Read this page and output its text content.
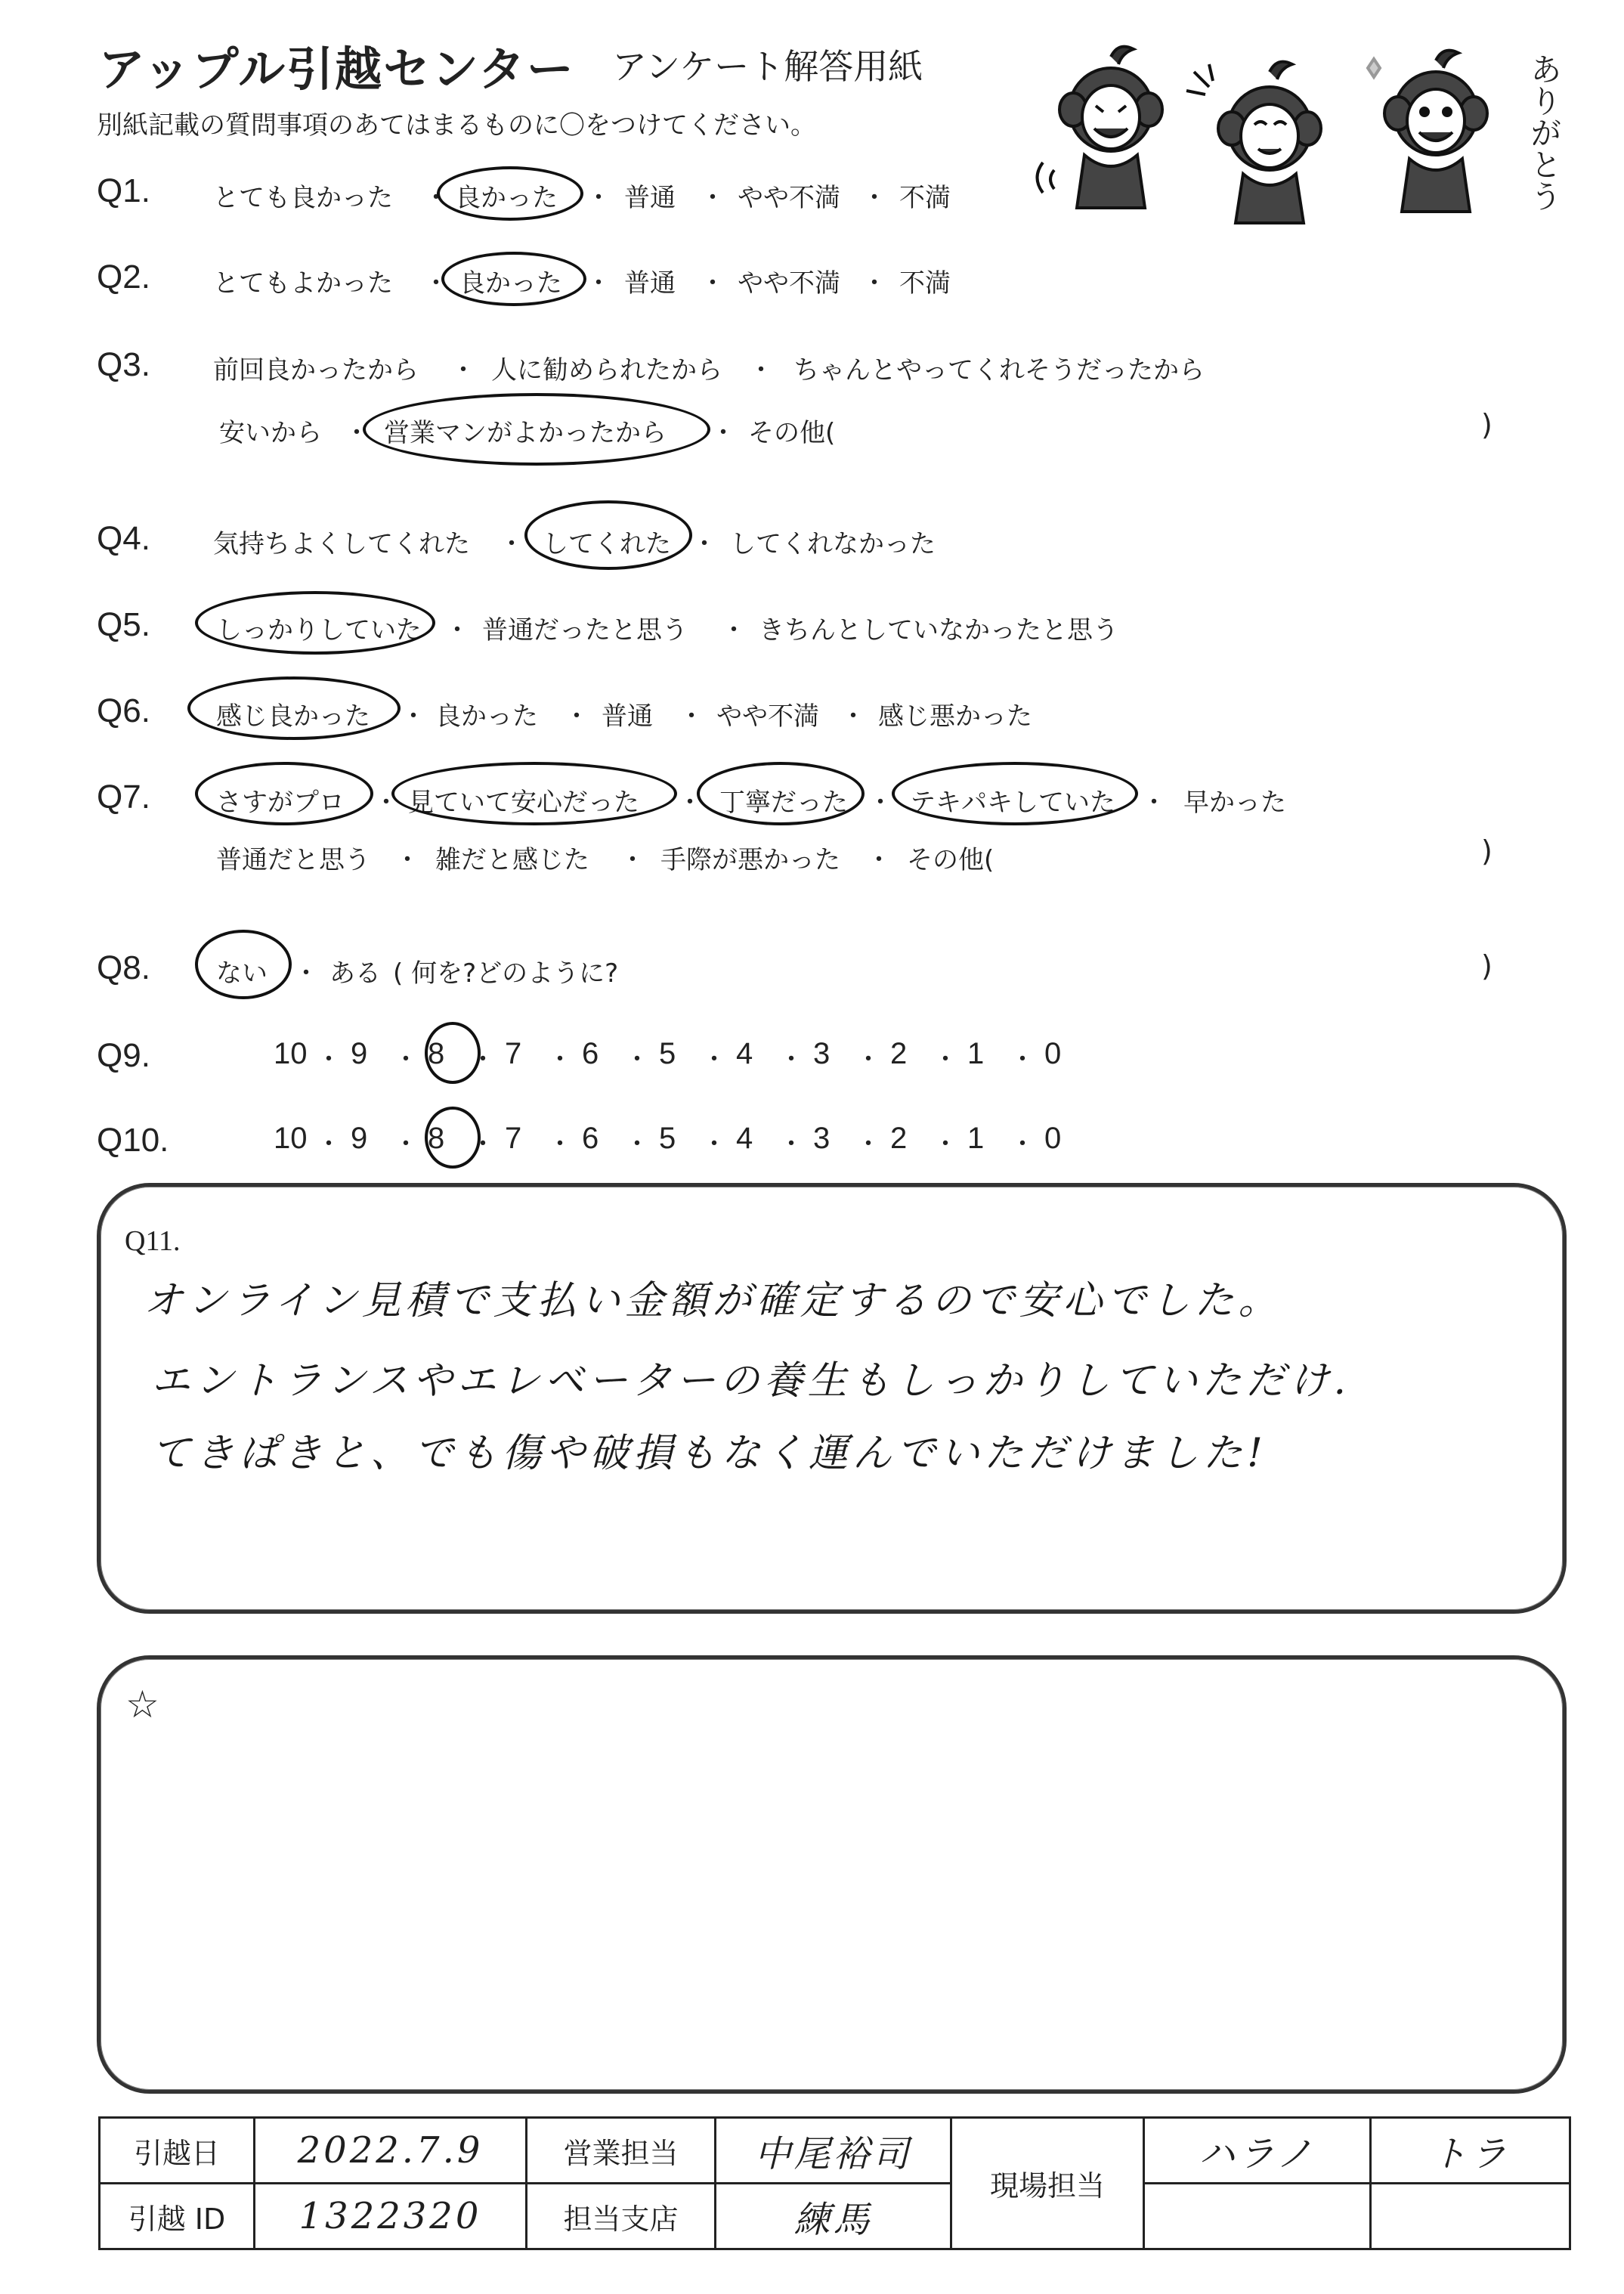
アップル引越センター アンケート解答用紙
別紙記載の質問事項のあてはまるものに〇をつけてください。	ありがとう
Q1. とても良かった ・ 良かった ・ 普通 ・ やや不満 ・ 不満
Q2. とてもよかった ・ 良かった ・ 普通 ・ やや不満 ・ 不満
Q3. 前回良かったから ・ 人に勧められたから ・ ちゃんとやってくれそうだったから
安いから ・ 営業マンがよかったから ・ その他(	)
Q4. 気持ちよくしてくれた ・ してくれた ・ してくれなかった
Q5.	しっかりしていた ・ 普通だったと思う ・ きちんとしていなかったと思う
Q6.	感じ良かった ・ 良かった ・ 普通 ・ やや不満 ・ 感じ悪かった
Q7.	さすがプロ ・ 見ていて安心だった ・ 丁寧だった ・ テキパキしていた ・ 早かった
普通だと思う ・ 雑だと感じた ・ 手際が悪かった ・ その他(	)
Q8.	ない ・ ある ( 何を?どのように?	)
Q9.	10 ・ 9 ・ 8 ・ 7 ・ 6 ・ 5 ・ 4 ・ 3 ・ 2 ・ 1 ・ 0
Q10.	10 ・ 9 ・ 8 ・ 7 ・ 6 ・ 5 ・ 4 ・ 3 ・ 2 ・ 1 ・ 0
Q11.
オンライン見積で支払い金額が確定するので安心でした。
エントランスやエレベーターの養生もしっかりしていただけ.
てきぱきと、でも傷や破損もなく運んでいただけました!
☆
引越日	2022.7.9	営業担当	中尾裕司	現場担当	ハラノ	トラ
引越 ID	1322320	担当支店	練馬			
